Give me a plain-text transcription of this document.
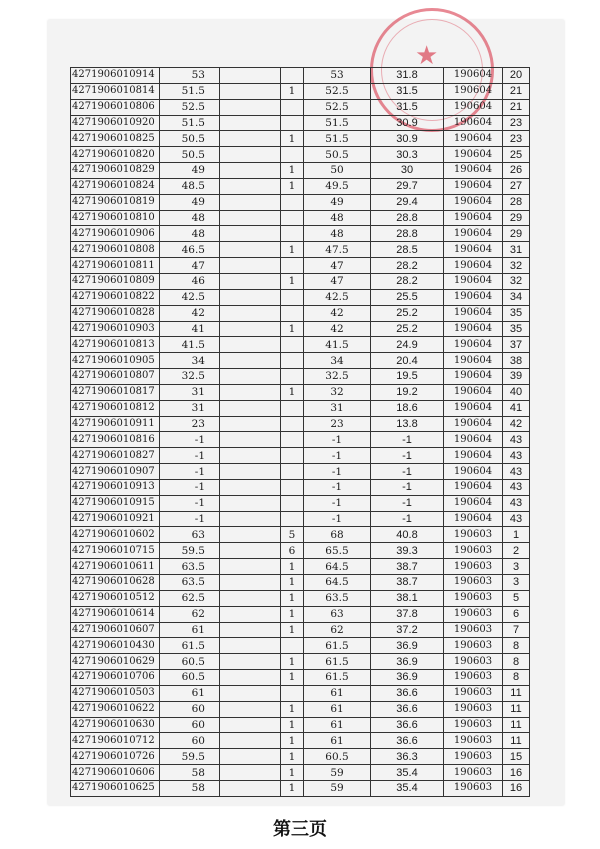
★
4271906010914	53			53	31.8	190604	20
4271906010814	51.5		1	52.5	31.5	190604	21
4271906010806	52.5			52.5	31.5	190604	21
4271906010920	51.5			51.5	30.9	190604	23
4271906010825	50.5		1	51.5	30.9	190604	23
4271906010820	50.5			50.5	30.3	190604	25
4271906010829	49		1	50	30	190604	26
4271906010824	48.5		1	49.5	29.7	190604	27
4271906010819	49			49	29.4	190604	28
4271906010810	48			48	28.8	190604	29
4271906010906	48			48	28.8	190604	29
4271906010808	46.5		1	47.5	28.5	190604	31
4271906010811	47			47	28.2	190604	32
4271906010809	46		1	47	28.2	190604	32
4271906010822	42.5			42.5	25.5	190604	34
4271906010828	42			42	25.2	190604	35
4271906010903	41		1	42	25.2	190604	35
4271906010813	41.5			41.5	24.9	190604	37
4271906010905	34			34	20.4	190604	38
4271906010807	32.5			32.5	19.5	190604	39
4271906010817	31		1	32	19.2	190604	40
4271906010812	31			31	18.6	190604	41
4271906010911	23			23	13.8	190604	42
4271906010816	-1			-1	-1	190604	43
4271906010827	-1			-1	-1	190604	43
4271906010907	-1			-1	-1	190604	43
4271906010913	-1			-1	-1	190604	43
4271906010915	-1			-1	-1	190604	43
4271906010921	-1			-1	-1	190604	43
4271906010602	63		5	68	40.8	190603	1
4271906010715	59.5		6	65.5	39.3	190603	2
4271906010611	63.5		1	64.5	38.7	190603	3
4271906010628	63.5		1	64.5	38.7	190603	3
4271906010512	62.5		1	63.5	38.1	190603	5
4271906010614	62		1	63	37.8	190603	6
4271906010607	61		1	62	37.2	190603	7
4271906010430	61.5			61.5	36.9	190603	8
4271906010629	60.5		1	61.5	36.9	190603	8
4271906010706	60.5		1	61.5	36.9	190603	8
4271906010503	61			61	36.6	190603	11
4271906010622	60		1	61	36.6	190603	11
4271906010630	60		1	61	36.6	190603	11
4271906010712	60		1	61	36.6	190603	11
4271906010726	59.5		1	60.5	36.3	190603	15
4271906010606	58		1	59	35.4	190603	16
4271906010625	58		1	59	35.4	190603	16
第三页
